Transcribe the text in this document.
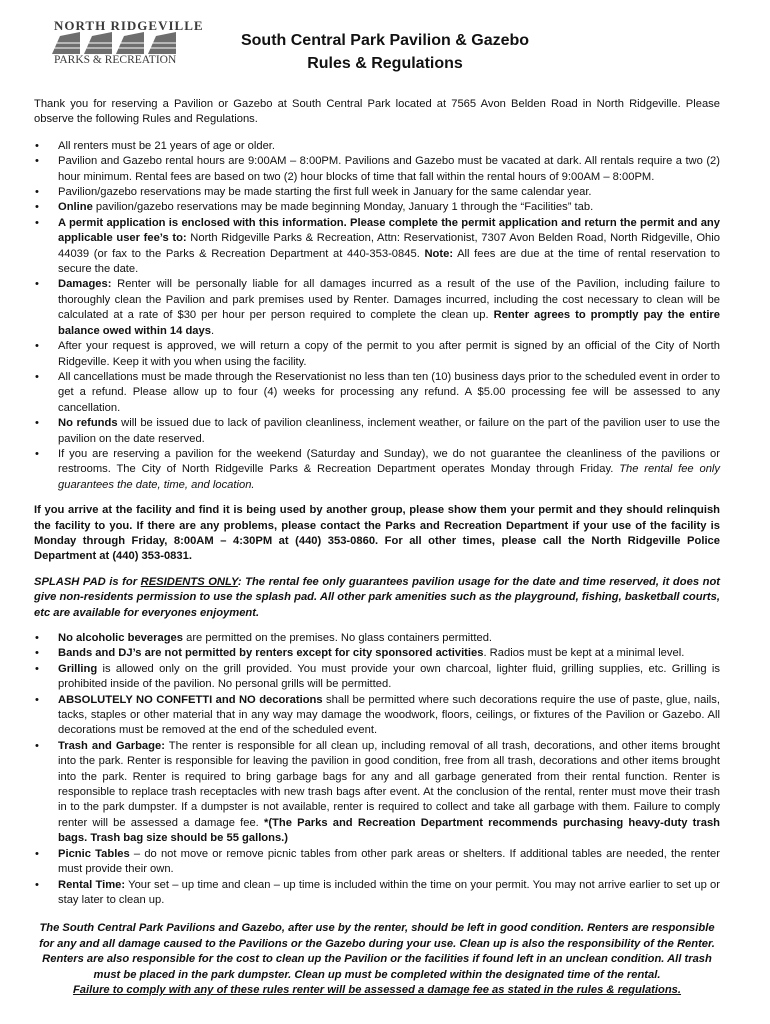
NORTH RIDGEVILLE
PARKS & RECREATION
South Central Park Pavilion & Gazebo
Rules & Regulations

Thank you for reserving a Pavilion or Gazebo at South Central Park located at 7565 Avon Belden Road in North Ridgeville. Please observe the following Rules and Regulations.

• All renters must be 21 years of age or older.
• Pavilion and Gazebo rental hours are 9:00AM – 8:00PM. Pavilions and Gazebo must be vacated at dark. All rentals require a two (2) hour minimum. Rental fees are based on two (2) hour blocks of time that fall within the rental hours of 9:00AM – 8:00PM.
• Pavilion/gazebo reservations may be made starting the first full week in January for the same calendar year.
• Online pavilion/gazebo reservations may be made beginning Monday, January 1 through the “Facilities” tab.
• A permit application is enclosed with this information. Please complete the permit application and return the permit and any applicable user fee’s to: North Ridgeville Parks & Recreation, Attn: Reservationist, 7307 Avon Belden Road, North Ridgeville, Ohio 44039 (or fax to the Parks & Recreation Department at 440-353-0845. Note: All fees are due at the time of rental reservation to secure the date.
• Damages: Renter will be personally liable for all damages incurred as a result of the use of the Pavilion, including failure to thoroughly clean the Pavilion and park premises used by Renter. Damages incurred, including the cost necessary to clean will be calculated at a rate of $30 per hour per person required to complete the clean up. Renter agrees to promptly pay the entire balance owed within 14 days.
• After your request is approved, we will return a copy of the permit to you after permit is signed by an official of the City of North Ridgeville. Keep it with you when using the facility.
• All cancellations must be made through the Reservationist no less than ten (10) business days prior to the scheduled event in order to get a refund. Please allow up to four (4) weeks for processing any refund. A $5.00 processing fee will be assessed to any cancellation.
• No refunds will be issued due to lack of pavilion cleanliness, inclement weather, or failure on the part of the pavilion user to use the pavilion on the date reserved.
• If you are reserving a pavilion for the weekend (Saturday and Sunday), we do not guarantee the cleanliness of the pavilions or restrooms. The City of North Ridgeville Parks & Recreation Department operates Monday through Friday. The rental fee only guarantees the date, time, and location.

If you arrive at the facility and find it is being used by another group, please show them your permit and they should relinquish the facility to you. If there are any problems, please contact the Parks and Recreation Department if your use of the facility is Monday through Friday, 8:00AM – 4:30PM at (440) 353-0860. For all other times, please call the North Ridgeville Police Department at (440) 353-0831.

SPLASH PAD is for RESIDENTS ONLY: The rental fee only guarantees pavilion usage for the date and time reserved, it does not give non-residents permission to use the splash pad. All other park amenities such as the playground, fishing, basketball courts, etc are available for everyones enjoyment.

• No alcoholic beverages are permitted on the premises. No glass containers permitted.
• Bands and DJ’s are not permitted by renters except for city sponsored activities. Radios must be kept at a minimal level.
• Grilling is allowed only on the grill provided. You must provide your own charcoal, lighter fluid, grilling supplies, etc. Grilling is prohibited inside of the pavilion. No personal grills will be permitted.
• ABSOLUTELY NO CONFETTI and NO decorations shall be permitted where such decorations require the use of paste, glue, nails, tacks, staples or other material that in any way may damage the woodwork, floors, ceilings, or fixtures of the Pavilion or Gazebo. All decorations must be removed at the end of the scheduled event.
• Trash and Garbage: The renter is responsible for all clean up, including removal of all trash, decorations, and other items brought into the park. Renter is responsible for leaving the pavilion in good condition, free from all trash, decorations and other items brought into the park. Renter is required to bring garbage bags for any and all garbage generated from their rental function. Renter is responsible to replace trash receptacles with new trash bags after event. At the conclusion of the rental, renter must move their trash in to the park dumpster. If a dumpster is not available, renter is required to collect and take all garbage with them. Failure to comply renter will be assessed a damage fee. *(The Parks and Recreation Department recommends purchasing heavy-duty trash bags. Trash bag size should be 55 gallons.)
• Picnic Tables – do not move or remove picnic tables from other park areas or shelters. If additional tables are needed, the renter must provide their own.
• Rental Time: Your set – up time and clean – up time is included within the time on your permit. You may not arrive earlier to set up or stay later to clean up.

The South Central Park Pavilions and Gazebo, after use by the renter, should be left in good condition. Renters are responsible for any and all damage caused to the Pavilions or the Gazebo during your use. Clean up is also the responsibility of the Renter. Renters are also responsible for the cost to clean up the Pavilion or the facilities if found left in an unclean condition. All trash must be placed in the park dumpster. Clean up must be completed within the designated time of the rental.
Failure to comply with any of these rules renter will be assessed a damage fee as stated in the rules & regulations.
